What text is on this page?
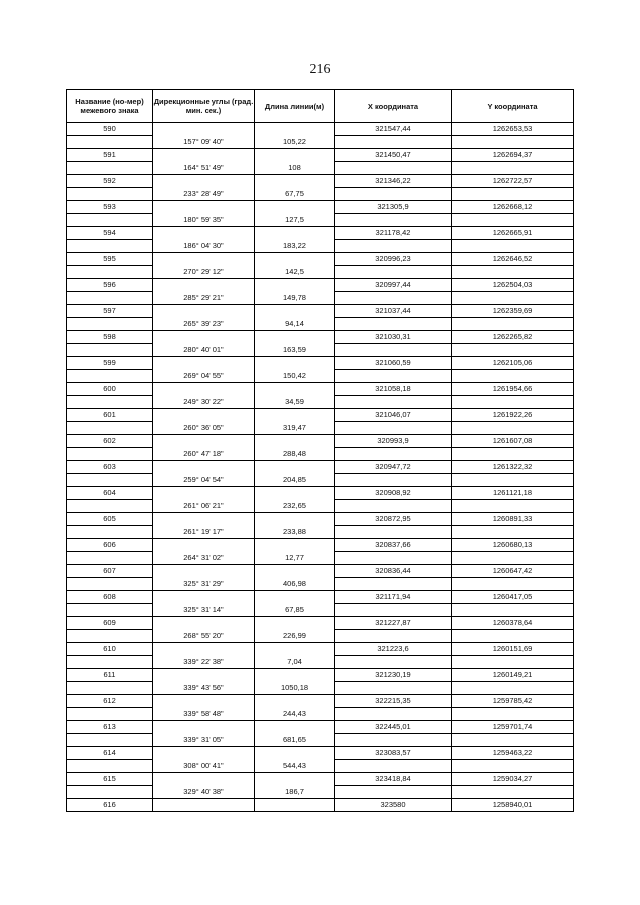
216
Название (но-мер) межевого знака	Дирекционные углы (град. мин. сек.)	Длина линии(м)	X координата	Y координата
590			321547,44	1262653,53
	157° 09' 40"	105,22		
591			321450,47	1262694,37
	164° 51' 49"	108		
592			321346,22	1262722,57
	233° 28' 49"	67,75		
593			321305,9	1262668,12
	180° 59' 35"	127,5		
594			321178,42	1262665,91
	186° 04' 30"	183,22		
595			320996,23	1262646,52
	270° 29' 12"	142,5		
596			320997,44	1262504,03
	285° 29' 21"	149,78		
597			321037,44	1262359,69
	265° 39' 23"	94,14		
598			321030,31	1262265,82
	280° 40' 01"	163,59		
599			321060,59	1262105,06
	269° 04' 55"	150,42		
600			321058,18	1261954,66
	249° 30' 22"	34,59		
601			321046,07	1261922,26
	260° 36' 05"	319,47		
602			320993,9	1261607,08
	260° 47' 18"	288,48		
603			320947,72	1261322,32
	259° 04' 54"	204,85		
604			320908,92	1261121,18
	261° 06' 21"	232,65		
605			320872,95	1260891,33
	261° 19' 17"	233,88		
606			320837,66	1260680,13
	264° 31' 02"	12,77		
607			320836,44	1260647,42
	325° 31' 29"	406,98		
608			321171,94	1260417,05
	325° 31' 14"	67,85		
609			321227,87	1260378,64
	268° 55' 20"	226,99		
610			321223,6	1260151,69
	339° 22' 38"	7,04		
611			321230,19	1260149,21
	339° 43' 56"	1050,18		
612			322215,35	1259785,42
	339° 58' 48"	244,43		
613			322445,01	1259701,74
	339° 31' 05"	681,65		
614			323083,57	1259463,22
	308° 00' 41"	544,43		
615			323418,84	1259034,27
	329° 40' 38"	186,7		
616			323580	1258940,01
